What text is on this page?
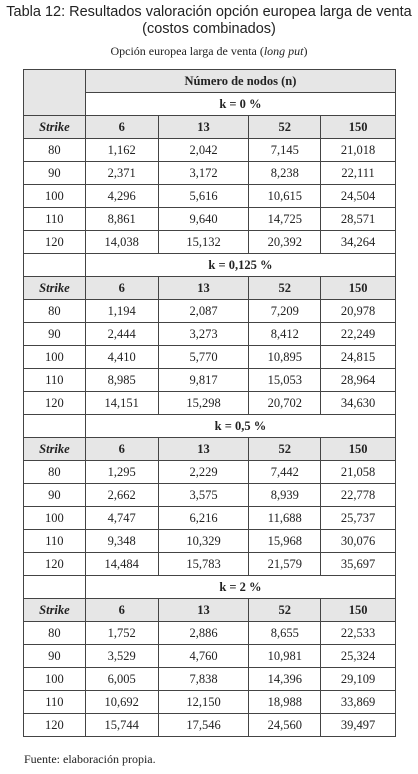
Tabla 12: Resultados valoración opción europea larga de venta (costos combinados)
Opción europea larga de venta (long put)
	Número de nodos (n)			
	k = 0 %			
Strike	6	13	52	150
80	1,162	2,042	7,145	21,018
90	2,371	3,172	8,238	22,111
100	4,296	5,616	10,615	24,504
110	8,861	9,640	14,725	28,571
120	14,038	15,132	20,392	34,264
	k = 0,125 %			
Strike	6	13	52	150
80	1,194	2,087	7,209	20,978
90	2,444	3,273	8,412	22,249
100	4,410	5,770	10,895	24,815
110	8,985	9,817	15,053	28,964
120	14,151	15,298	20,702	34,630
	k = 0,5 %			
Strike	6	13	52	150
80	1,295	2,229	7,442	21,058
90	2,662	3,575	8,939	22,778
100	4,747	6,216	11,688	25,737
110	9,348	10,329	15,968	30,076
120	14,484	15,783	21,579	35,697
	k = 2 %			
Strike	6	13	52	150
80	1,752	2,886	8,655	22,533
90	3,529	4,760	10,981	25,324
100	6,005	7,838	14,396	29,109
110	10,692	12,150	18,988	33,869
120	15,744	17,546	24,560	39,497
Fuente: elaboración propia.
